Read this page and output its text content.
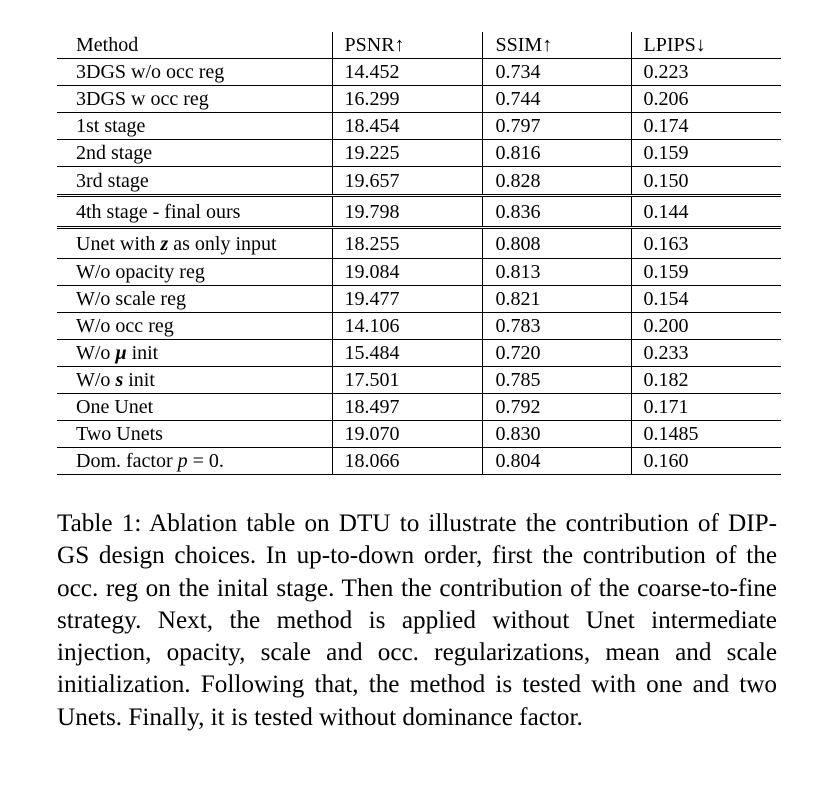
Method	PSNR↑	SSIM↑	LPIPS↓
3DGS w/o occ reg	14.452	0.734	0.223
3DGS w occ reg	16.299	0.744	0.206
1st stage	18.454	0.797	0.174
2nd stage	19.225	0.816	0.159
3rd stage	19.657	0.828	0.150
4th stage - final ours	19.798	0.836	0.144
Unet with z as only input	18.255	0.808	0.163
W/o opacity reg	19.084	0.813	0.159
W/o scale reg	19.477	0.821	0.154
W/o occ reg	14.106	0.783	0.200
W/o μ init	15.484	0.720	0.233
W/o s init	17.501	0.785	0.182
One Unet	18.497	0.792	0.171
Two Unets	19.070	0.830	0.1485
Dom. factor p = 0.	18.066	0.804	0.160

Table 1: Ablation table on DTU to illustrate the contribution of DIP-GS design choices. In up-to-down order, first the contribution of the occ. reg on the inital stage. Then the contribution of the coarse-to-fine strategy. Next, the method is applied without Unet intermediate injection, opacity, scale and occ. regularizations, mean and scale initialization. Following that, the method is tested with one and two Unets. Finally, it is tested without dominance factor.
